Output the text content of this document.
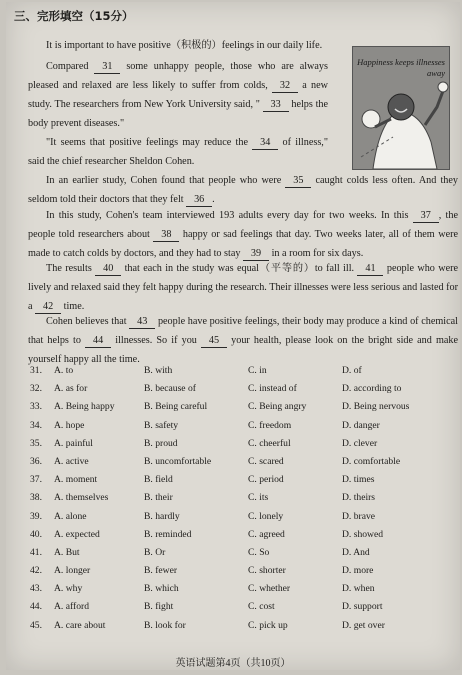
三、完形填空（15分）
It is important to have positive（积极的）feelings in our daily life.
Compared 31 some unhappy people, those who are always pleased and relaxed are less likely to suffer from colds, 32 a new study. The researchers from New York University said, " 33 helps the body prevent diseases."
"It seems that positive feelings may reduce the 34 of illness," said the chief researcher Sheldon Cohen.
Happiness keeps illnesses away
In an earlier study, Cohen found that people who were 35 caught colds less often. And they seldom told their doctors that they felt 36 .
In this study, Cohen's team interviewed 193 adults every day for two weeks. In this 37 , the people told researchers about 38 happy or sad feelings that day. Two weeks later, all of them were made to catch colds by doctors, and they had to stay 39 in a room for six days.
The results 40 that each in the study was equal（平等的）to fall ill. 41 people who were lively and relaxed said they felt happy during the research. Their illnesses were less serious and lasted for a 42 time.
Cohen believes that 43 people have positive feelings, their body may produce a kind of chemical that helps to 44 illnesses. So if you 45 your health, please look on the bright side and make yourself happy all the time.
31. A. to	B. with	C. in	D. of
32. A. as for	B. because of	C. instead of	D. according to
33. A. Being happy	B. Being careful	C. Being angry	D. Being nervous
34. A. hope	B. safety	C. freedom	D. danger
35. A. painful	B. proud	C. cheerful	D. clever
36. A. active	B. uncomfortable	C. scared	D. comfortable
37. A. moment	B. field	C. period	D. times
38. A. themselves	B. their	C. its	D. theirs
39. A. alone	B. hardly	C. lonely	D. brave
40. A. expected	B. reminded	C. agreed	D. showed
41. A. But	B. Or	C. So	D. And
42. A. longer	B. fewer	C. shorter	D. more
43. A. why	B. which	C. whether	D. when
44. A. afford	B. fight	C. cost	D. support
45. A. care about	B. look for	C. pick up	D. get over
英语试题第4页（共10页）
